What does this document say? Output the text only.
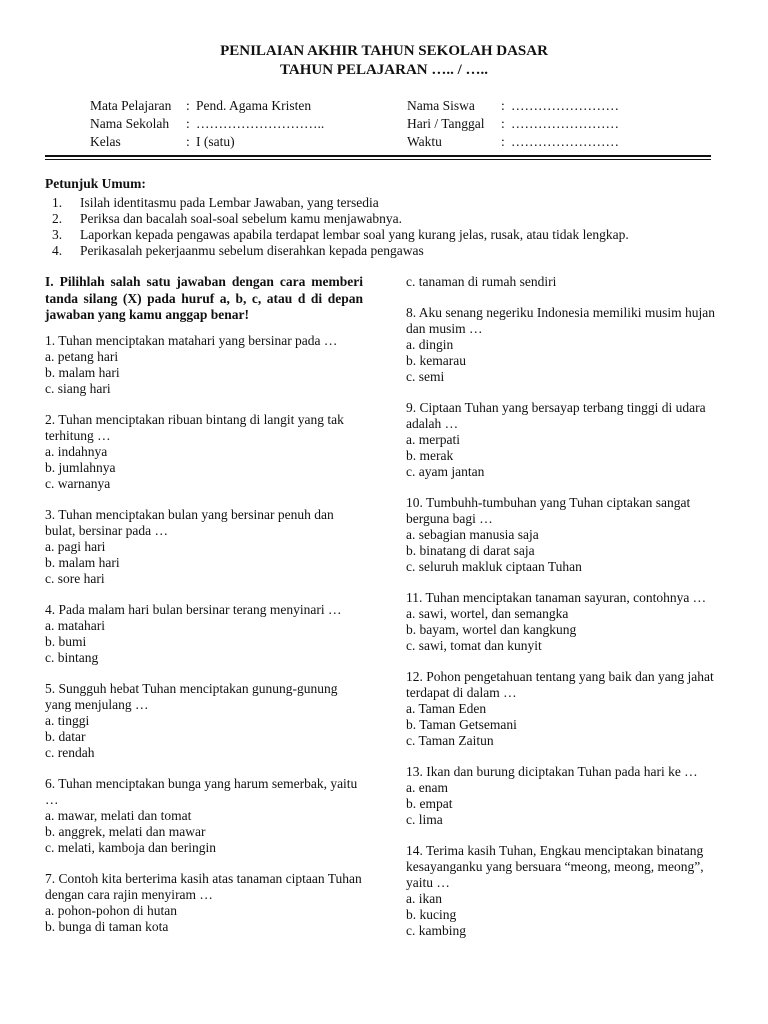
PENILAIAN AKHIR TAHUN SEKOLAH DASAR
TAHUN PELAJARAN ….. / …..
Mata Pelajaran	: Pend. Agama Kristen
Nama Sekolah	: ………………………..
Kelas	: I (satu)
Nama Siswa	: ……………………
Hari / Tanggal	: ……………………
Waktu	: ……………………
Petunjuk Umum:
1.	Isilah identitasmu pada Lembar Jawaban, yang tersedia
2.	Periksa dan bacalah soal-soal sebelum kamu menjawabnya.
3.	Laporkan kepada pengawas apabila terdapat lembar soal yang kurang jelas, rusak, atau tidak lengkap.
4.	Perikasalah pekerjaanmu sebelum diserahkan kepada pengawas
I. Pilihlah salah satu jawaban dengan cara memberi tanda silang (X) pada huruf a, b, c, atau d di depan jawaban yang kamu anggap benar!
1. Tuhan menciptakan matahari yang bersinar pada …
a. petang hari
b. malam hari
c. siang hari
2. Tuhan menciptakan ribuan bintang di langit yang tak terhitung …
a. indahnya
b. jumlahnya
c. warnanya
3. Tuhan menciptakan bulan yang bersinar penuh dan bulat, bersinar pada …
a. pagi hari
b. malam hari
c. sore hari
4. Pada malam hari bulan bersinar terang menyinari …
a. matahari
b. bumi
c. bintang
5. Sungguh hebat Tuhan menciptakan gunung-gunung yang menjulang …
a. tinggi
b. datar
c. rendah
6. Tuhan menciptakan bunga yang harum semerbak, yaitu …
a. mawar, melati dan tomat
b. anggrek, melati dan mawar
c. melati, kamboja dan beringin
7. Contoh kita berterima kasih atas tanaman ciptaan Tuhan dengan cara rajin menyiram …
a. pohon-pohon di hutan
b. bunga di taman kota
c. tanaman di rumah sendiri
8. Aku senang negeriku Indonesia memiliki musim hujan dan musim …
a. dingin
b. kemarau
c. semi
9. Ciptaan Tuhan yang bersayap terbang tinggi di udara adalah …
a. merpati
b. merak
c. ayam jantan
10. Tumbuhh-tumbuhan yang Tuhan ciptakan sangat berguna bagi …
a. sebagian manusia saja
b. binatang di darat saja
c. seluruh makluk ciptaan Tuhan
11. Tuhan menciptakan tanaman sayuran, contohnya …
a. sawi, wortel, dan semangka
b. bayam, wortel dan kangkung
c. sawi, tomat dan kunyit
12. Pohon pengetahuan tentang yang baik dan yang jahat terdapat di dalam …
a. Taman Eden
b. Taman Getsemani
c. Taman Zaitun
13. Ikan dan burung diciptakan Tuhan pada hari ke …
a. enam
b. empat
c. lima
14. Terima kasih Tuhan, Engkau menciptakan binatang kesayanganku yang bersuara “meong, meong, meong”, yaitu …
a. ikan
b. kucing
c. kambing
